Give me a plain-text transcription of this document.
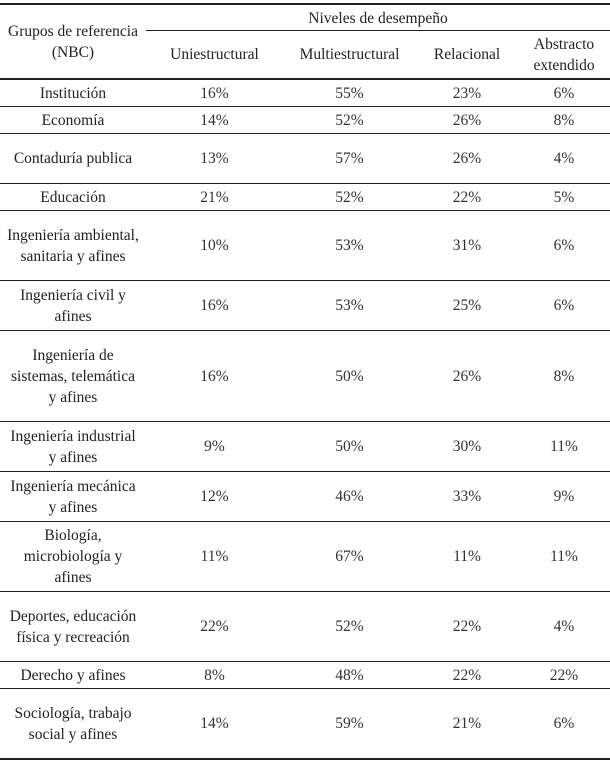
Grupos de referencia (NBC)	Niveles de desempeño			
	Uniestructural	Multiestructural	Relacional	Abstracto extendido
Institución	16%	55%	23%	6%
Economía	14%	52%	26%	8%
Contaduría publica	13%	57%	26%	4%
Educación	21%	52%	22%	5%
Ingeniería ambiental, sanitaria y afines	10%	53%	31%	6%
Ingeniería civil y afines	16%	53%	25%	6%
Ingeniería de sistemas, telemática y afines	16%	50%	26%	8%
Ingeniería industrial y afines	9%	50%	30%	11%
Ingeniería mecánica y afines	12%	46%	33%	9%
Biología, microbiología y afines	11%	67%	11%	11%
Deportes, educación física y recreación	22%	52%	22%	4%
Derecho y afines	8%	48%	22%	22%
Sociología, trabajo social y afines	14%	59%	21%	6%
